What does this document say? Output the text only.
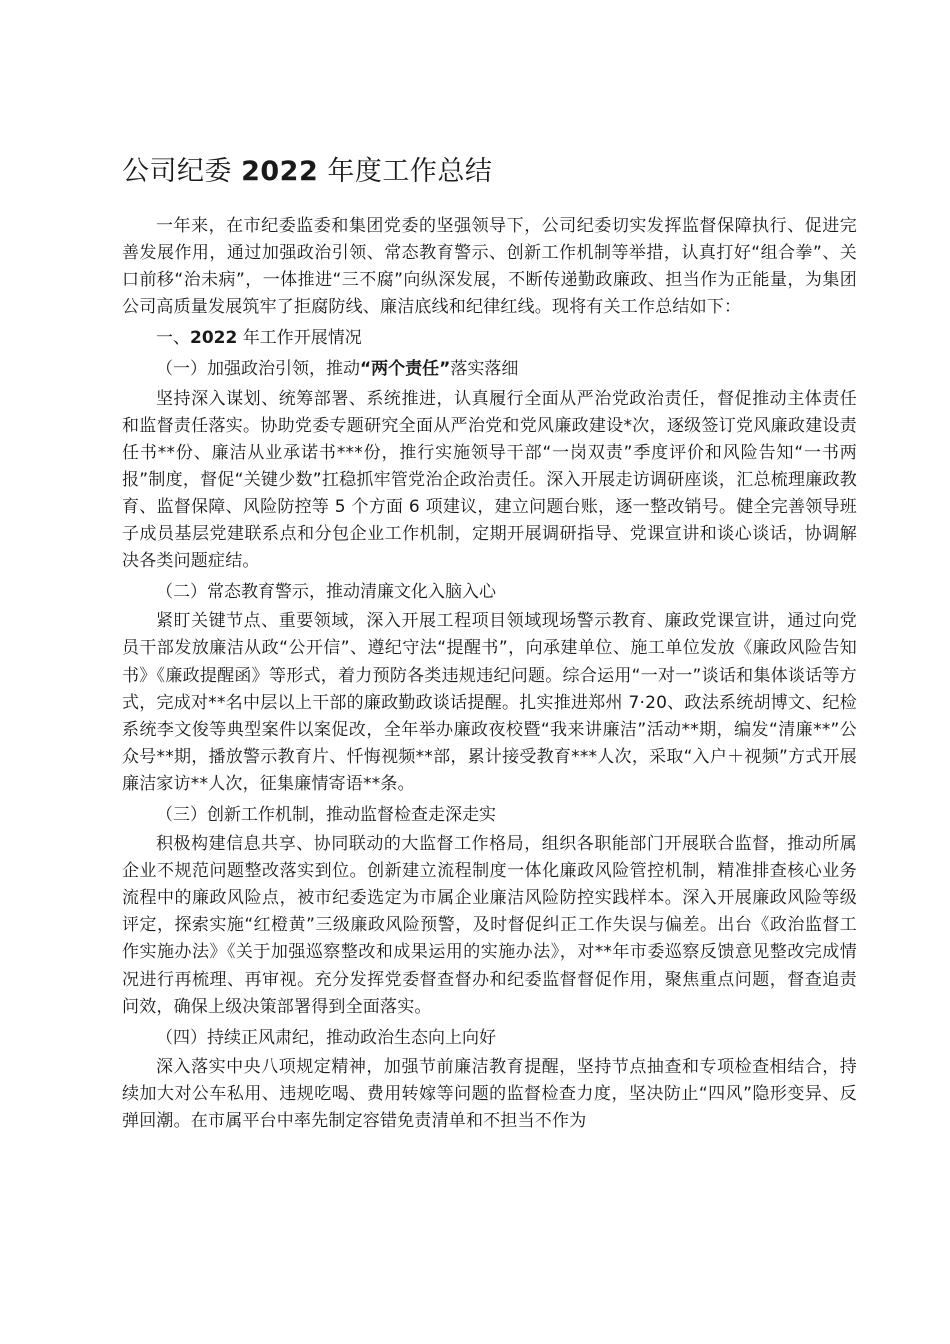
公司纪委 2022 年度工作总结

一年来，在市纪委监委和集团党委的坚强领导下，公司纪委切实发挥监督保障执行、促进完善发展作用，通过加强政治引领、常态教育警示、创新工作机制等举措，认真打好“组合拳”、关口前移“治未病”，一体推进“三不腐”向纵深发展，不断传递勤政廉政、担当作为正能量，为集团公司高质量发展筑牢了拒腐防线、廉洁底线和纪律红线。现将有关工作总结如下：

一、2022 年工作开展情况

（一）加强政治引领，推动“两个责任”落实落细

坚持深入谋划、统筹部署、系统推进，认真履行全面从严治党政治责任，督促推动主体责任和监督责任落实。协助党委专题研究全面从严治党和党风廉政建设*次，逐级签订党风廉政建设责任书**份、廉洁从业承诺书***份，推行实施领导干部“一岗双责”季度评价和风险告知“一书两报”制度，督促“关键少数”扛稳抓牢管党治企政治责任。深入开展走访调研座谈，汇总梳理廉政教育、监督保障、风险防控等 5 个方面 6 项建议，建立问题台账，逐一整改销号。健全完善领导班子成员基层党建联系点和分包企业工作机制，定期开展调研指导、党课宣讲和谈心谈话，协调解决各类问题症结。

（二）常态教育警示，推动清廉文化入脑入心

紧盯关键节点、重要领域，深入开展工程项目领域现场警示教育、廉政党课宣讲，通过向党员干部发放廉洁从政“公开信”、遵纪守法“提醒书”，向承建单位、施工单位发放《廉政风险告知书》《廉政提醒函》等形式，着力预防各类违规违纪问题。综合运用“一对一”谈话和集体谈话等方式，完成对**名中层以上干部的廉政勤政谈话提醒。扎实推进郑州 7·20、政法系统胡博文、纪检系统李文俊等典型案件以案促改，全年举办廉政夜校暨“我来讲廉洁”活动**期，编发“清廉**”公众号**期，播放警示教育片、忏悔视频**部，累计接受教育***人次，采取“入户＋视频”方式开展廉洁家访**人次，征集廉情寄语**条。

（三）创新工作机制，推动监督检查走深走实

积极构建信息共享、协同联动的大监督工作格局，组织各职能部门开展联合监督，推动所属企业不规范问题整改落实到位。创新建立流程制度一体化廉政风险管控机制，精准排查核心业务流程中的廉政风险点，被市纪委选定为市属企业廉洁风险防控实践样本。深入开展廉政风险等级评定，探索实施“红橙黄”三级廉政风险预警，及时督促纠正工作失误与偏差。出台《政治监督工作实施办法》《关于加强巡察整改和成果运用的实施办法》，对**年市委巡察反馈意见整改完成情况进行再梳理、再审视。充分发挥党委督查督办和纪委监督督促作用，聚焦重点问题，督查追责问效，确保上级决策部署得到全面落实。

（四）持续正风肃纪，推动政治生态向上向好

深入落实中央八项规定精神，加强节前廉洁教育提醒，坚持节点抽查和专项检查相结合，持续加大对公车私用、违规吃喝、费用转嫁等问题的监督检查力度，坚决防止“四风”隐形变异、反弹回潮。在市属平台中率先制定容错免责清单和不担当不作为
